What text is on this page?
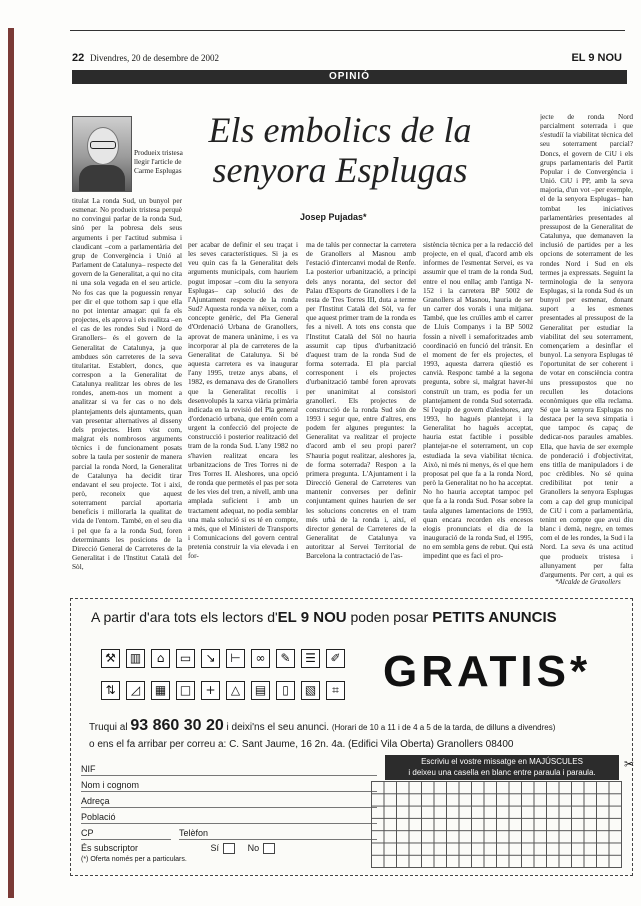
22 Divendres, 20 de desembre de 2002	EL 9 NOU
OPINIÓ
Els embolics de la
senyora Esplugas
Josep Pujadas*
Produeix tristesa llegir l'article de Carme Esplugas

titulat La ronda Sud, un bunyol per esmenar. No produeix tristesa perquè no convingui parlar de la ronda Sud, sinó per la pobresa dels seus arguments i per l'actitud submisa i claudicant –com a parlamentària del grup de Convergència i Unió al Parlament de Catalunya– respecte del govern de la Generalitat, a qui no cita ni una sola vegada en el seu article. No fos cas que la poguessin renyar per dir el que tothom sap i que ella no pot intentar amagar: qui fa els projectes, els aprova i els realitza –en el cas de les rondes Sud i Nord de Granollers– és el govern de la Generalitat de Catalunya, ja que ambdues són carreteres de la seva titularitat. Establert, doncs, que correspon a la Generalitat de Catalunya realitzar les obres de les rondes, anem-nos un moment a analitzar si va fer cas o no dels plantejaments dels ajuntaments, quan van presentar alternatives al disseny dels projectes. Hem vist com, malgrat els nombrosos arguments tècnics i de funcionament posats sobre la taula per sostenir de manera parcial la ronda Nord, la Generalitat de Catalunya ha decidit tirar endavant el seu projecte. Tot i així, però, reconeix que aquest soterrament parcial aportaria beneficis i millorarla la qualitat de vida de l'entorn. També, en el seu dia i pel que fa a la ronda Sud, foren determinants les posicions de la Direcció General de Carreteres de la Generalitat i de l'Institut Català del Sòl,

per acabar de definir el seu traçat i les seves característiques. Si ja es veu quin cas fa la Generalitat dels arguments municipals, com hauríem pogut imposar –com diu la senyora Esplugas– cap solució des de l'Ajuntament respecte de la ronda Sud? Aquesta ronda va néixer, com a concepte genèric, del Pla General d'Ordenació Urbana de Granollers, aprovat de manera unànime, i es va incorporar al pla de carreteres de la Generalitat de Catalunya. Si bé aquesta carretera es va inaugurar l'any 1995, tretze anys abans, el 1982, es demanava des de Granollers que la Generalitat recollís i desenvolupés la xarxa viària primària indicada en la revisió del Pla general d'ordenació urbana, que entén com a urgent la confecció del projecte de construcció i posterior realització del tram de la ronda Sud. L'any 1982 no s'havien realitzat encara les urbanitzacions de Tres Torres ni de Tres Torres II. Aleshores, una opció de ronda que permetés el pas per sota de les vies del tren, a nivell, amb una amplada suficient i amb un tractament adequat, no podia semblar una mala solució si es té en compte, a més, que el Ministeri de Transports i Comunicacions del govern central pretenia construir la via elevada i en for-

ma de talús per connectar la carretera de Granollers al Masnou amb l'estació d'intercanvi modal de Renfe. La posterior urbanització, a principi dels anys noranta, del sector del Palau d'Esports de Granollers i de la resta de Tres Torres III, duta a terme per l'Institut Català del Sòl, va fer que aquest primer tram de la ronda es fes a nivell. A tots ens consta que l'Institut Català del Sòl no hauria assumit cap tipus d'urbanització d'aquest tram de la ronda Sud de forma soterrada. El pla parcial corresponent i els projectes d'urbanització també foren aprovats per unanimitat al consistori granollerí. Els projectes de construcció de la ronda Sud són de 1993 i segur que, entre d'altres, ens podem fer algunes preguntes: la Generalitat va realitzar el projecte d'acord amb el seu propi parer? S'hauria pogut realitzar, aleshores ja, de forma soterrada? Respon a la primera pregunta. L'Ajuntament i la Direcció General de Carreteres van mantenir converses per definir conjuntament quines haurien de ser les solucions concretes en el tram més urbà de la ronda i, així, el director general de Carreteres de la Generalitat de Catalunya va autoritzar al Servei Territorial de Barcelona la contractació de l'as-

sistència tècnica per a la redacció del projecte, en el qual, d'acord amb els informes de l'esmentat Servei, es va assumir que el tram de la ronda Sud, entre el nou enllaç amb l'antiga N-152 i la carretera BP 5002 de Granollers al Masnou, hauria de ser un carrer dos vorals i una mitjana. També, que les cruïlles amb el carrer de Lluís Companys i la BP 5002 fossin a nivell i semaforitzades amb coordinació en funció del trànsit. En el moment de fer els projectes, el 1993, aquesta darrera qüestió es canvià. Responc també a la segona pregunta, sobre si, malgrat haver-hi construït un tram, es podia fer un plantejament de ronda Sud soterrada. Sí l'equip de govern d'aleshores, any 1993, ho hagués plantejat i la Generalitat ho hagués acceptat, hauria estat factible i possible plantejar-ne el soterrament, un cop estudiada la seva viabilitat tècnica. Això, ni més ni menys, és el que hem proposat pel que fa a la ronda Nord, però la Generalitat no ho ha acceptat. No ho hauria acceptat tampoc pel que fa a la ronda Sud. Posar sobre la taula algunes lamentacions de 1993, quan encara recorden els encesos elogis pronunciats el dia de la inauguració de la ronda Sud, el 1995, no em sembla gens de rebut. Qui està impedint que es faci el pro-

jecte de ronda Nord parcialment soterrada i que s'estudiï la viabilitat tècnica del seu soterrament parcial? Doncs, el govern de CiU i els grups parlamentaris del Partit Popular i de Convergència i Unió. CiU i PP, amb la seva majoria, d'un vot –per exemple, el de la senyora Esplugas– han tombat les iniciatives parlamentàries presentades al pressupost de la Generalitat de Catalunya, que demanaven la inclusió de partides per a les opcions de soterrament de les rondes Nord i Sud en els termes ja expressats. Seguint la terminologia de la senyora Esplugas, si la ronda Sud és un bunyol per esmenar, donant suport a les esmenes presentades al pressupost de la Generalitat per estudiar la viabilitat del seu soterrament, començaríem a desinflar el bunyol. La senyora Esplugas té l'oportunitat de ser coherent i de votar en consciència contra uns pressupostos que no recullen les dotacions econòmiques que ella reclama. Sé que la senyora Esplugas no destaca per la seva simpatia i que tampoc és capaç de dedicar-nos paraules amables. Ella, que havia de ser exemple de ponderació i d'objectivitat, ens titlla de manipuladors i de poc crèdibles. No sé quina credibilitat pot tenir a Granollers la senyora Esplugas com a cap del grup municipal de CiU i com a parlamentària, tenint en compte que avui diu blanc i demà, negre, en temes com el de les rondes, la Sud i la Nord. La seva és una actitud que produeix tristesa i allunyament per falta d'arguments. Per cert, a qui es

*Alcalde de Granollers
A partir d'ara tots els lectors d'EL 9 NOU poden posar PETITS ANUNCIS
⚒	▥	⌂	▭	↘	⊢	∞	✎	☰	✐
⇅	◿	▦	□	+	△	▤	▯	▧	⌗ GRATIS*
Truqui al 93 860 30 20 i deixi'ns el seu anunci. (Horari de 10 a 11 i de 4 a 5 de la tarda, de dilluns a divendres)
o ens el fa arribar per correu a: C. Sant Jaume, 16 2n. 4a. (Edifici Vila Oberta) Granollers 08400
NIF
Nom i cognom
Adreça
Població
CP	Telèfon
És subscriptor	Sí	No
(*) Oferta només per a particulars.
Escriviu el vostre missatge en MAJÚSCULES
i deixeu una casella en blanc entre paraula i paraula.
✂
